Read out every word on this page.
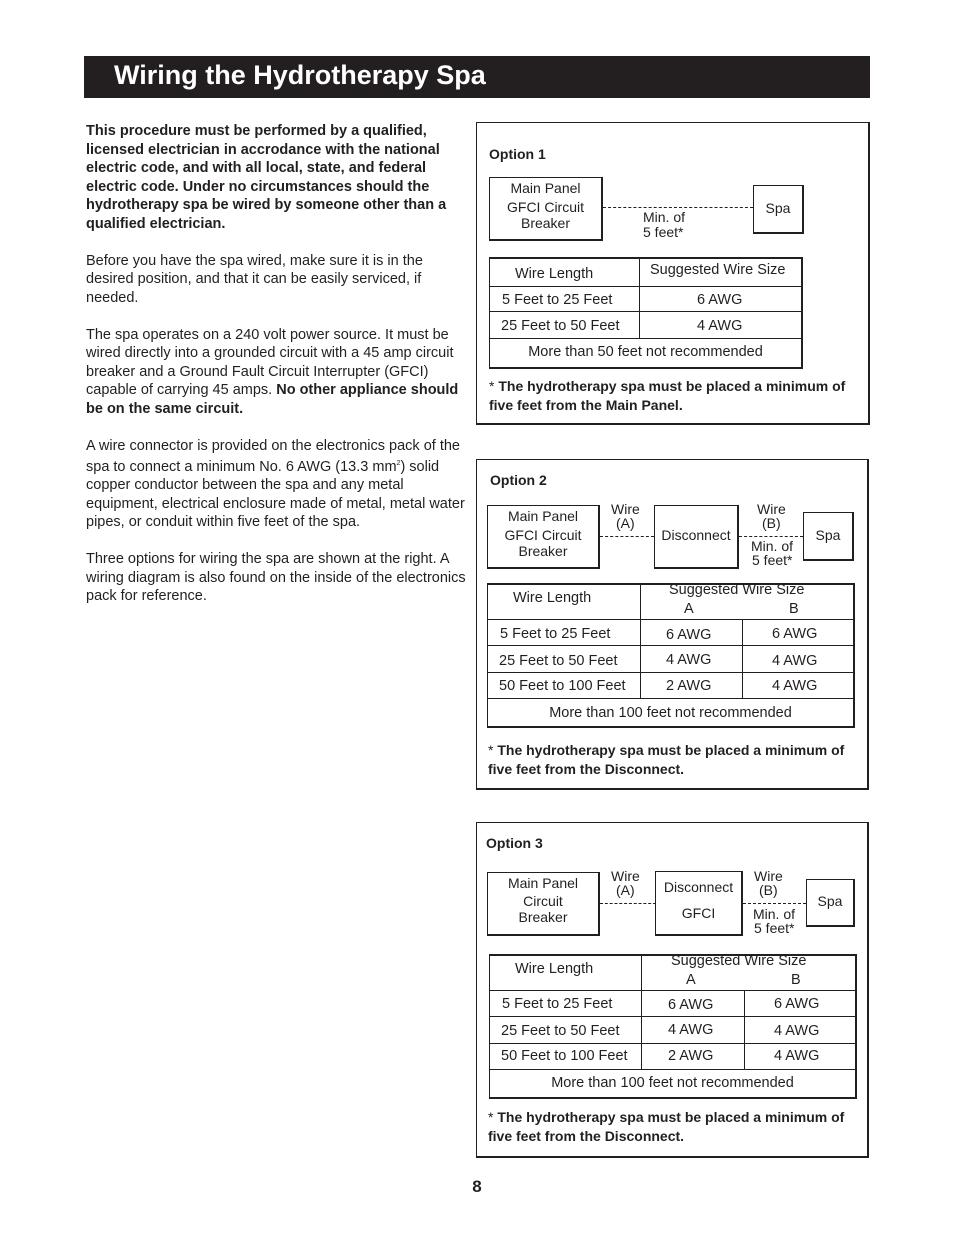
Wiring the Hydrotherapy Spa

This procedure must be performed by a qualified, licensed electrician in accrodance with the national electric code, and with all local, state, and federal electric code. Under no circumstances should the hydrotherapy spa be wired by someone other than a qualified electrician.

Before you have the spa wired, make sure it is in the desired position, and that it can be easily serviced, if needed.

The spa operates on a 240 volt power source. It must be wired directly into a grounded circuit with a 45 amp circuit breaker and a Ground Fault Circuit Interrupter (GFCI) capable of carrying 45 amps. No other appliance should be on the same circuit.

A wire connector is provided on the electronics pack of the spa to connect a minimum No. 6 AWG (13.3 $mm^2$) solid copper conductor between the spa and any metal equipment, electrical enclosure made of metal, metal water pipes, or conduit within five feet of the spa.

Three options for wiring the spa are shown at the right. A wiring diagram is also found on the inside of the electronics pack for reference.

Option 1
Main Panel
GFCI Circuit
Breaker	Min. of
5 feet*
Spa
Wire Length	Suggested Wire Size
5 Feet to 25 Feet	6 AWG
25 Feet to 50 Feet	4 AWG
More than 50 feet not recommended
* The hydrotherapy spa must be placed a minimum of five feet from the Main Panel.
Option 2
Main Panel
GFCI Circuit
Breaker
Wire
(A)
Disconnect
Wire
(B)
Min. of
5 feet*
Spa
Wire Length	Suggested Wire Size
A	B
5 Feet to 25 Feet	6 AWG	6 AWG
25 Feet to 50 Feet	4 AWG	4 AWG
50 Feet to 100 Feet	2 AWG	4 AWG
More than 100 feet not recommended
* The hydrotherapy spa must be placed a minimum of five feet from the Disconnect.
Option 3
Main Panel
Circuit
Breaker
Wire
(A)	Disconnect
GFCI
Wire
(B)
Min. of
5 feet*
Spa
Wire Length	Suggested Wire Size
A	B
5 Feet to 25 Feet	6 AWG	6 AWG
25 Feet to 50 Feet	4 AWG	4 AWG
50 Feet to 100 Feet	2 AWG	4 AWG
More than 100 feet not recommended
* The hydrotherapy spa must be placed a minimum of five feet from the Disconnect.
8
